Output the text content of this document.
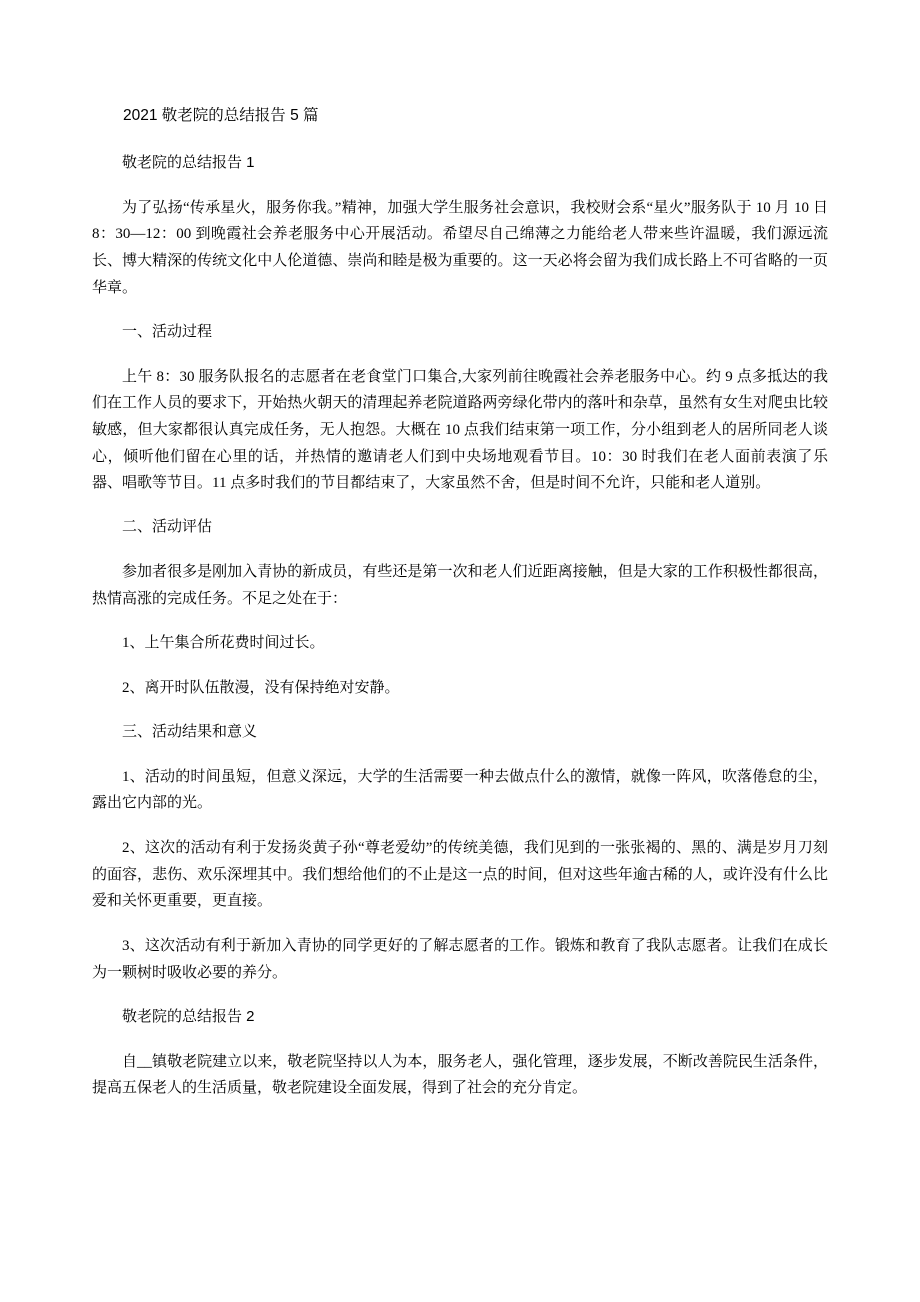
2021 敬老院的总结报告 5 篇
敬老院的总结报告 1

为了弘扬“传承星火，服务你我。”精神，加强大学生服务社会意识，我校财会系“星火”服务队于 10 月 10 日 8：30—12：00 到晚霞社会养老服务中心开展活动。希望尽自己绵薄之力能给老人带来些许温暖，我们源远流长、博大精深的传统文化中人伦道德、崇尚和睦是极为重要的。这一天必将会留为我们成长路上不可省略的一页华章。

一、活动过程

上午 8：30 服务队报名的志愿者在老食堂门口集合,大家列前往晚霞社会养老服务中心。约 9 点多抵达的我们在工作人员的要求下，开始热火朝天的清理起养老院道路两旁绿化带内的落叶和杂草，虽然有女生对爬虫比较敏感，但大家都很认真完成任务，无人抱怨。大概在 10 点我们结束第一项工作，分小组到老人的居所同老人谈心，倾听他们留在心里的话，并热情的邀请老人们到中央场地观看节目。10：30 时我们在老人面前表演了乐器、唱歌等节目。11 点多时我们的节目都结束了，大家虽然不舍，但是时间不允许，只能和老人道别。

二、活动评估

参加者很多是刚加入青协的新成员，有些还是第一次和老人们近距离接触，但是大家的工作积极性都很高，热情高涨的完成任务。不足之处在于：

1、上午集合所花费时间过长。

2、离开时队伍散漫，没有保持绝对安静。

三、活动结果和意义

1、活动的时间虽短，但意义深远，大学的生活需要一种去做点什么的激情，就像一阵风，吹落倦怠的尘，露出它内部的光。

2、这次的活动有利于发扬炎黄子孙“尊老爱幼”的传统美德，我们见到的一张张褐的、黑的、满是岁月刀刻的面容，悲伤、欢乐深埋其中。我们想给他们的不止是这一点的时间，但对这些年逾古稀的人，或许没有什么比爱和关怀更重要，更直接。

3、这次活动有利于新加入青协的同学更好的了解志愿者的工作。锻炼和教育了我队志愿者。让我们在成长为一颗树时吸收必要的养分。

敬老院的总结报告 2

自__镇敬老院建立以来，敬老院坚持以人为本，服务老人，强化管理，逐步发展，不断改善院民生活条件，提高五保老人的生活质量，敬老院建设全面发展，得到了社会的充分肯定。
